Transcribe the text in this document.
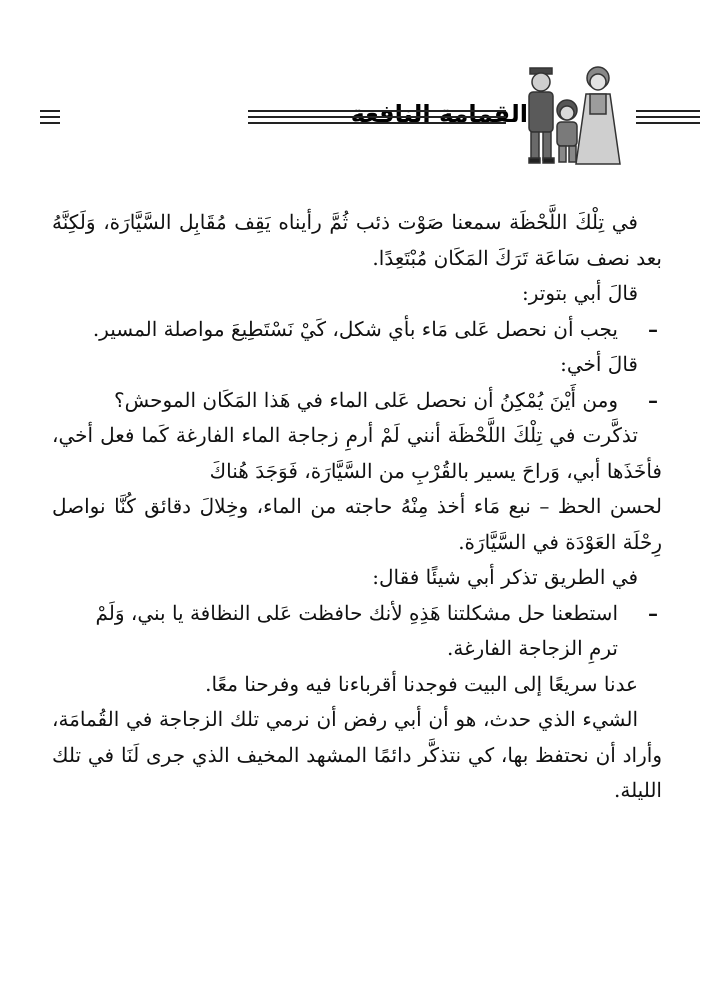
القمامة النافعة

في تِلْكَ اللَّحْظَة سمعنا صَوْت ذئب ثُمَّ رأيناه يَقِف مُقَابِل السَّيَّارَة، وَلَكِنَّهُ بعد نصف سَاعَة تَرَكَ المَكَان مُبْتَعِدًا.

قالَ أبي بتوتر:

–
يجب أن نحصل عَلى مَاء بأي شكل، كَيْ نَسْتَطِيعَ مواصلة المسير.

قالَ أخي:

–
ومن أَيْنَ يُمْكِنُ أن نحصل عَلى الماء في هَذا المَكَان الموحش؟

تذكَّرت في تِلْكَ اللَّحْظَة أنني لَمْ أرمِ زجاجة الماء الفارغة كَما فعل أخي، فأخَذَها أبي، وَراحَ يسير بالقُرْبِ من السَّيَّارَة، فَوَجَدَ هُناكَ

لحسن الحظ – نبع مَاء أخذ مِنْهُ حاجته من الماء، وخِلالَ دقائق كُنَّا نواصل رِحْلَة العَوْدَة في السَّيَّارَة.

في الطريق تذكر أبي شيئًا فقال:

–
استطعنا حل مشكلتنا هَذِهِ لأنك حافظت عَلى النظافة يا بني، وَلَمْ

ترمِ الزجاجة الفارغة.

عدنا سريعًا إلى البيت فوجدنا أقرباءنا فيه وفرحنا معًا.

الشيء الذي حدث، هو أن أبي رفض أن نرمي تلك الزجاجة في القُمامَة، وأراد أن نحتفظ بها، كي نتذكَّر دائمًا المشهد المخيف الذي جرى لَنَا في تلك الليلة.
